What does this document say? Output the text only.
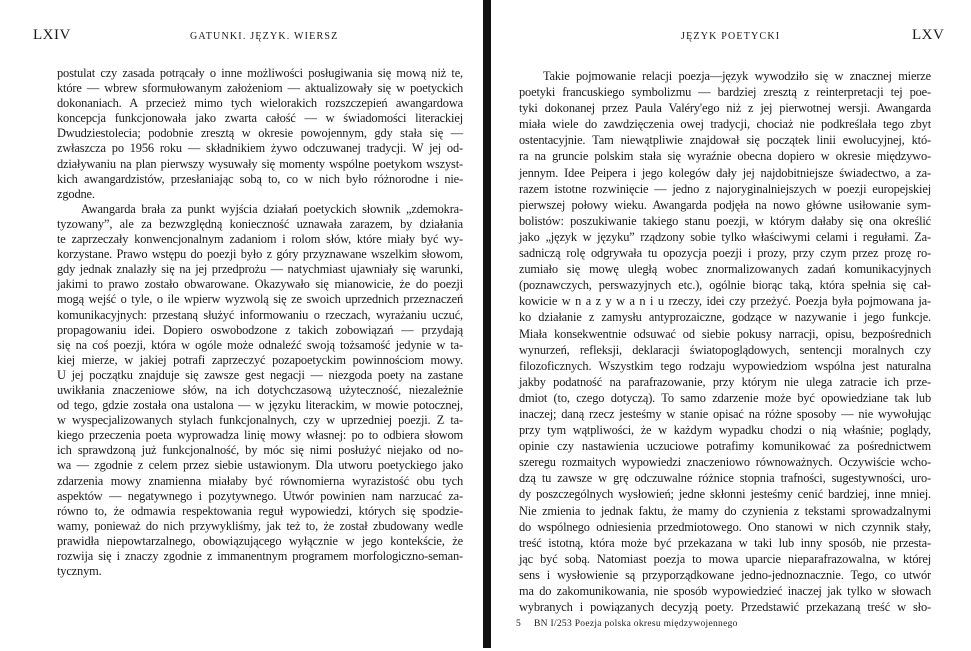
LXIV	GATUNKI. JĘZYK. WIERSZ
postulat czy zasada potrącały o inne możliwości posługiwania się mową niż te,
które — wbrew sformułowanym założeniom — aktualizowały się w poetyckich
dokonaniach. A przecież mimo tych wielorakich rozszczepień awangardowa
koncepcja funkcjonowała jako zwarta całość — w świadomości literackiej
Dwudziestolecia; podobnie zresztą w okresie powojennym, gdy stała się —
zwłaszcza po 1956 roku — składnikiem żywo odczuwanej tradycji. W jej od-
działywaniu na plan pierwszy wysuwały się momenty wspólne poetykom wszyst-
kich awangardzistów, przesłaniając sobą to, co w nich było różnorodne i nie-
zgodne.
Awangarda brała za punkt wyjścia działań poetyckich słownik „zdemokra-
tyzowany”, ale za bezwzględną konieczność uznawała zarazem, by działania
te zaprzeczały konwencjonalnym zadaniom i rolom słów, które miały być wy-
korzystane. Prawo wstępu do poezji było z góry przyznawane wszelkim słowom,
gdy jednak znalazły się na jej przedprożu — natychmiast ujawniały się warunki,
jakimi to prawo zostało obwarowane. Okazywało się mianowicie, że do poezji
mogą wejść o tyle, o ile wpierw wyzwolą się ze swoich uprzednich przeznaczeń
komunikacyjnych: przestaną służyć informowaniu o rzeczach, wyrażaniu uczuć,
propagowaniu idei. Dopiero oswobodzone z takich zobowiązań — przydają
się na coś poezji, która w ogóle może odnaleźć swoją tożsamość jedynie w ta-
kiej mierze, w jakiej potrafi zaprzeczyć pozapoetyckim powinnościom mowy.
U jej początku znajduje się zawsze gest negacji — niezgoda poety na zastane
uwikłania znaczeniowe słów, na ich dotychczasową użyteczność, niezależnie
od tego, gdzie została ona ustalona — w języku literackim, w mowie potocznej,
w wyspecjalizowanych stylach funkcjonalnych, czy w uprzedniej poezji. Z ta-
kiego przeczenia poeta wyprowadza linię mowy własnej: po to odbiera słowom
ich sprawdzoną już funkcjonalność, by móc się nimi posłużyć niejako od no-
wa — zgodnie z celem przez siebie ustawionym. Dla utworu poetyckiego jako
zdarzenia mowy znamienna miałaby być równomierna wyrazistość obu tych
aspektów — negatywnego i pozytywnego. Utwór powinien nam narzucać za-
równo to, że odmawia respektowania reguł wypowiedzi, których się spodzie-
wamy, ponieważ do nich przywykliśmy, jak też to, że został zbudowany wedle
prawidła niepowtarzalnego, obowiązującego wyłącznie w jego kontekście, że
rozwija się i znaczy zgodnie z immanentnym programem morfologiczno-seman-
tycznym.
JĘZYK POETYCKI	LXV
Takie pojmowanie relacji poezja—język wywodziło się w znacznej mierze
poetyki francuskiego symbolizmu — bardziej zresztą z reinterpretacji tej poe-
tyki dokonanej przez Paula Valéry'ego niż z jej pierwotnej wersji. Awangarda
miała wiele do zawdzięczenia owej tradycji, chociaż nie podkreślała tego zbyt
ostentacyjnie. Tam niewątpliwie znajdował się początek linii ewolucyjnej, któ-
ra na gruncie polskim stała się wyraźnie obecna dopiero w okresie międzywo-
jennym. Idee Peipera i jego kolegów dały jej najdobitniejsze świadectwo, a za-
razem istotne rozwinięcie — jedno z najoryginalniejszych w poezji europejskiej
pierwszej połowy wieku. Awangarda podjęła na nowo główne usiłowanie sym-
bolistów: poszukiwanie takiego stanu poezji, w którym dałaby się ona określić
jako „język w języku” rządzony sobie tylko właściwymi celami i regułami. Za-
sadniczą rolę odgrywała tu opozycja poezji i prozy, przy czym przez prozę ro-
zumiało się mowę uległą wobec znormalizowanych zadań komunikacyjnych
(poznawczych, perswazyjnych etc.), ogólnie biorąc taką, która spełnia się cał-
kowicie w n a z y w a n i u rzeczy, idei czy przeżyć. Poezja była pojmowana ja-
ko działanie z zamysłu antyprozaiczne, godzące w nazywanie i jego funkcje.
Miała konsekwentnie odsuwać od siebie pokusy narracji, opisu, bezpośrednich
wynurzeń, refleksji, deklaracji światopoglądowych, sentencji moralnych czy
filozoficznych. Wszystkim tego rodzaju wypowiedziom wspólna jest naturalna
jakby podatność na parafrazowanie, przy którym nie ulega zatracie ich prze-
dmiot (to, czego dotyczą). To samo zdarzenie może być opowiedziane tak lub
inaczej; daną rzecz jesteśmy w stanie opisać na różne sposoby — nie wywołując
przy tym wątpliwości, że w każdym wypadku chodzi o nią właśnie; poglądy,
opinie czy nastawienia uczuciowe potrafimy komunikować za pośrednictwem
szeregu rozmaitych wypowiedzi znaczeniowo równoważnych. Oczywiście wcho-
dzą tu zawsze w grę odczuwalne różnice stopnia trafności, sugestywności, uro-
dy poszczególnych wysłowień; jedne skłonni jesteśmy cenić bardziej, inne mniej.
Nie zmienia to jednak faktu, że mamy do czynienia z tekstami sprowadzalnymi
do wspólnego odniesienia przedmiotowego. Ono stanowi w nich czynnik stały,
treść istotną, która może być przekazana w taki lub inny sposób, nie przesta-
jąc być sobą. Natomiast poezja to mowa uparcie nieparafrazowalna, w której
sens i wysłowienie są przyporządkowane jedno-jednoznacznie. Tego, co utwór
ma do zakomunikowania, nie sposób wypowiedzieć inaczej jak tylko w słowach
wybranych i powiązanych decyzją poety. Przedstawić przekazaną treść w sło-
5 BN I/253 Poezja polska okresu międzywojennego
